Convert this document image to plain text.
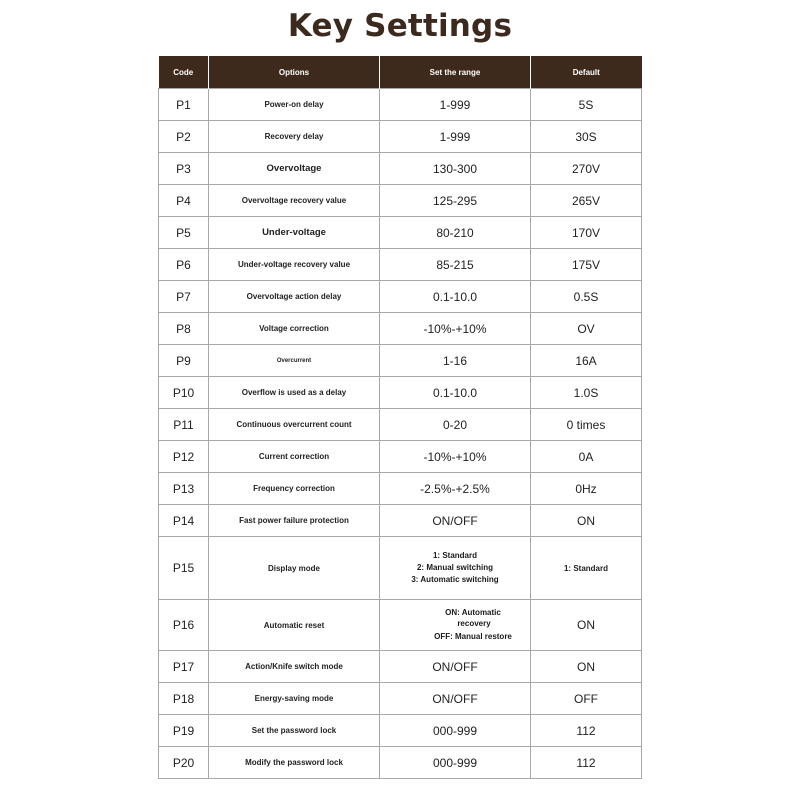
Key Settings
Code	Options	Set the range	Default
P1	Power-on delay	1-999	5S
P2	Recovery delay	1-999	30S
P3	Overvoltage	130-300	270V
P4	Overvoltage recovery value	125-295	265V
P5	Under-voltage	80-210	170V
P6	Under-voltage recovery value	85-215	175V
P7	Overvoltage action delay	0.1-10.0	0.5S
P8	Voltage correction	-10%-+10%	OV
P9	Overcurrent	1-16	16A
P10	Overflow is used as a delay	0.1-10.0	1.0S
P11	Continuous overcurrent count	0-20	0 times
P12	Current correction	-10%-+10%	0A
P13	Frequency correction	-2.5%-+2.5%	0Hz
P14	Fast power failure protection	ON/OFF	ON
P15	Display mode	1: Standard
2: Manual switching
3: Automatic switching	1: Standard
P16	Automatic reset	ON: Automatic
recovery
OFF: Manual restore	ON
P17	Action/Knife switch mode	ON/OFF	ON
P18	Energy-saving mode	ON/OFF	OFF
P19	Set the password lock	000-999	112
P20	Modify the password lock	000-999	112
